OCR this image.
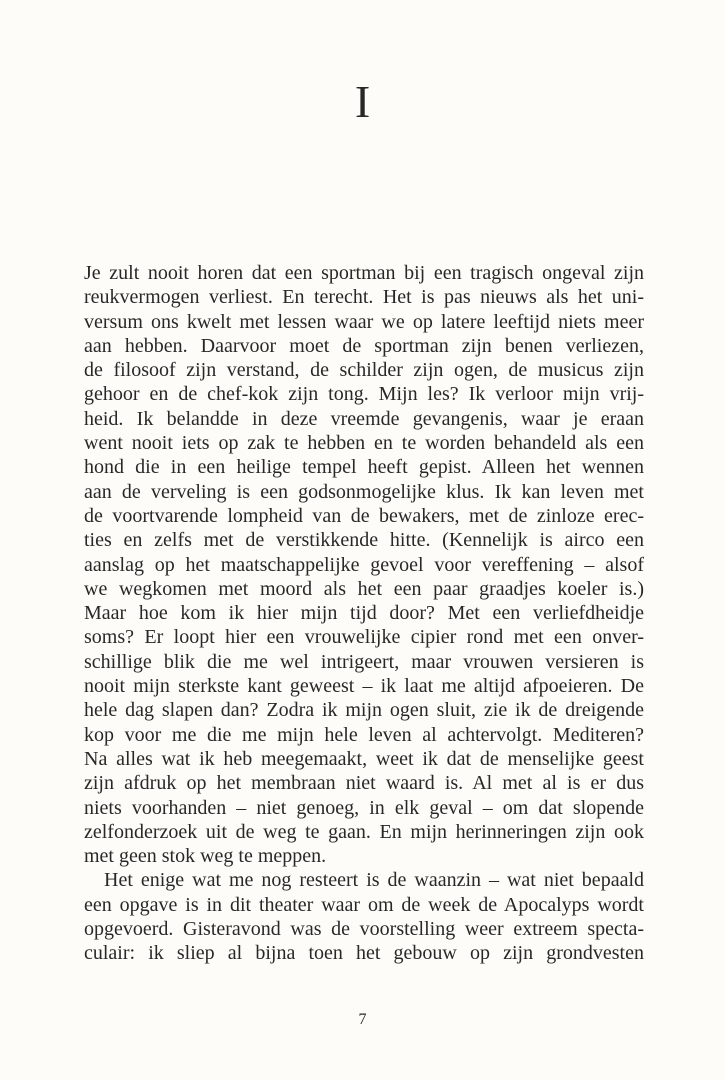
I
Je zult nooit horen dat een sportman bij een tragisch ongeval zijn
reukvermogen verliest. En terecht. Het is pas nieuws als het uni-
versum ons kwelt met lessen waar we op latere leeftijd niets meer
aan hebben. Daarvoor moet de sportman zijn benen verliezen,
de filosoof zijn verstand, de schilder zijn ogen, de musicus zijn
gehoor en de chef-kok zijn tong. Mijn les? Ik verloor mijn vrij-
heid. Ik belandde in deze vreemde gevangenis, waar je eraan
went nooit iets op zak te hebben en te worden behandeld als een
hond die in een heilige tempel heeft gepist. Alleen het wennen
aan de verveling is een godsonmogelijke klus. Ik kan leven met
de voortvarende lompheid van de bewakers, met de zinloze erec-
ties en zelfs met de verstikkende hitte. (Kennelijk is airco een
aanslag op het maatschappelijke gevoel voor vereffening – alsof
we wegkomen met moord als het een paar graadjes koeler is.)
Maar hoe kom ik hier mijn tijd door? Met een verliefdheidje
soms? Er loopt hier een vrouwelijke cipier rond met een onver-
schillige blik die me wel intrigeert, maar vrouwen versieren is
nooit mijn sterkste kant geweest – ik laat me altijd afpoeieren. De
hele dag slapen dan? Zodra ik mijn ogen sluit, zie ik de dreigende
kop voor me die me mijn hele leven al achtervolgt. Mediteren?
Na alles wat ik heb meegemaakt, weet ik dat de menselijke geest
zijn afdruk op het membraan niet waard is. Al met al is er dus
niets voorhanden – niet genoeg, in elk geval – om dat slopende
zelfonderzoek uit de weg te gaan. En mijn herinneringen zijn ook
met geen stok weg te meppen.
Het enige wat me nog resteert is de waanzin – wat niet bepaald
een opgave is in dit theater waar om de week de Apocalyps wordt
opgevoerd. Gisteravond was de voorstelling weer extreem specta-
culair: ik sliep al bijna toen het gebouw op zijn grondvesten

7
